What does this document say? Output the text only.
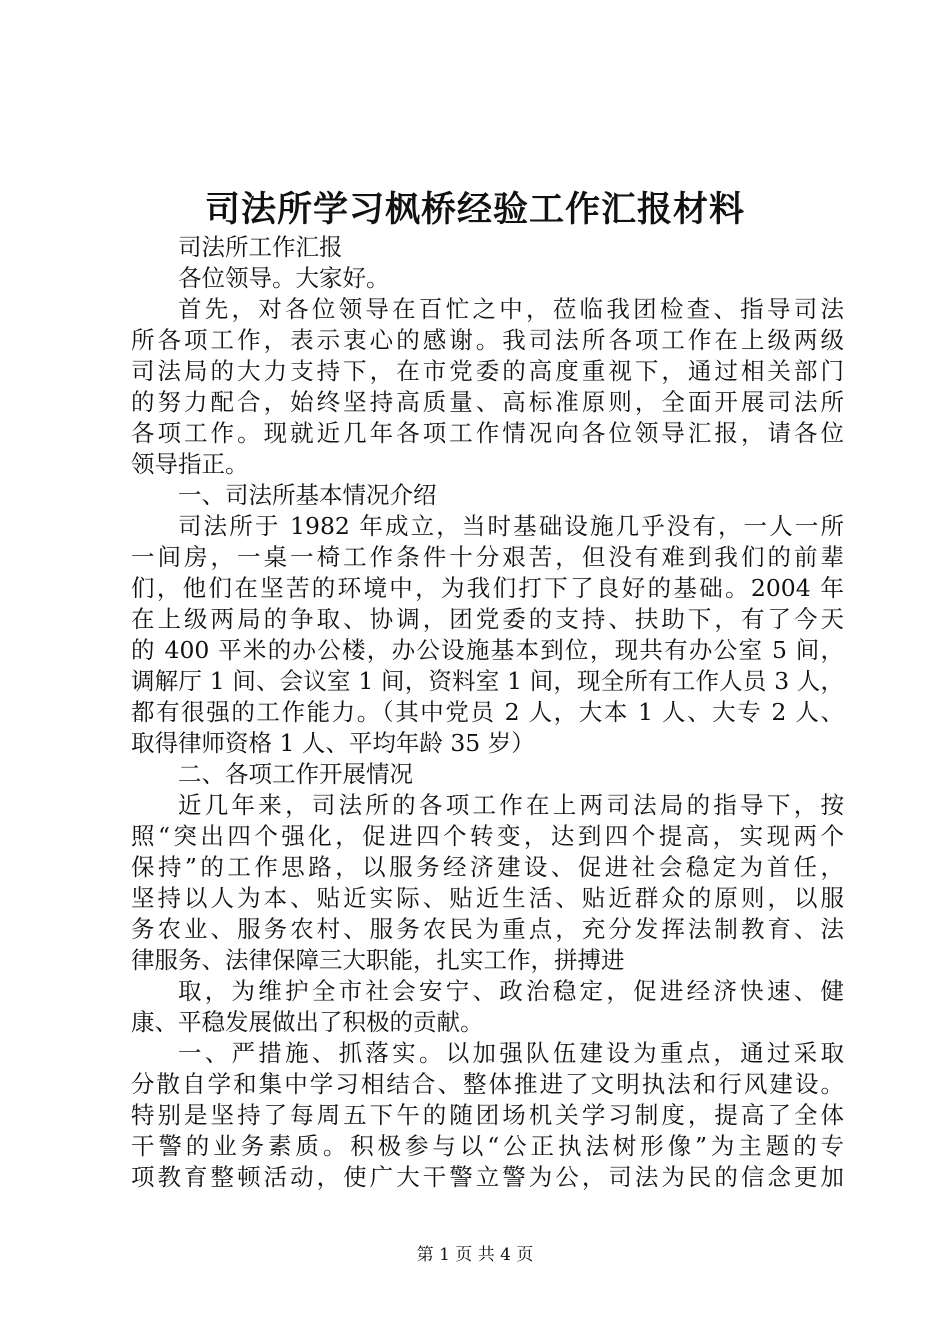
司法所学习枫桥经验工作汇报材料
司法所工作汇报
各位领导。大家好。
首先，对各位领导在百忙之中，莅临我团检查、指导司法
所各项工作，表示衷心的感谢。我司法所各项工作在上级两级
司法局的大力支持下，在市党委的高度重视下，通过相关部门
的努力配合，始终坚持高质量、高标准原则，全面开展司法所
各项工作。现就近几年各项工作情况向各位领导汇报，请各位
领导指正。
一、司法所基本情况介绍
司法所于 1982 年成立，当时基础设施几乎没有，一人一所
一间房，一桌一椅工作条件十分艰苦，但没有难到我们的前辈
们，他们在坚苦的环境中，为我们打下了良好的基础。2004 年
在上级两局的争取、协调，团党委的支持、扶助下，有了今天
的 400 平米的办公楼，办公设施基本到位，现共有办公室 5 间，
调解厅 1 间、会议室 1 间，资料室 1 间，现全所有工作人员 3 人，
都有很强的工作能力。（其中党员 2 人，大本 1 人、大专 2 人、
取得律师资格 1 人、平均年龄 35 岁）
二、各项工作开展情况
近几年来，司法所的各项工作在上两司法局的指导下，按
照“突出四个强化，促进四个转变，达到四个提高，实现两个
保持”的工作思路，以服务经济建设、促进社会稳定为首任，
坚持以人为本、贴近实际、贴近生活、贴近群众的原则，以服
务农业、服务农村、服务农民为重点，充分发挥法制教育、法
律服务、法律保障三大职能，扎实工作，拼搏进
取，为维护全市社会安宁、政治稳定，促进经济快速、健
康、平稳发展做出了积极的贡献。
一、严措施、抓落实。以加强队伍建设为重点，通过采取
分散自学和集中学习相结合、整体推进了文明执法和行风建设。
特别是坚持了每周五下午的随团场机关学习制度，提高了全体
干警的业务素质。积极参与以“公正执法树形像”为主题的专
项教育整顿活动，使广大干警立警为公，司法为民的信念更加
第 1 页 共 4 页
